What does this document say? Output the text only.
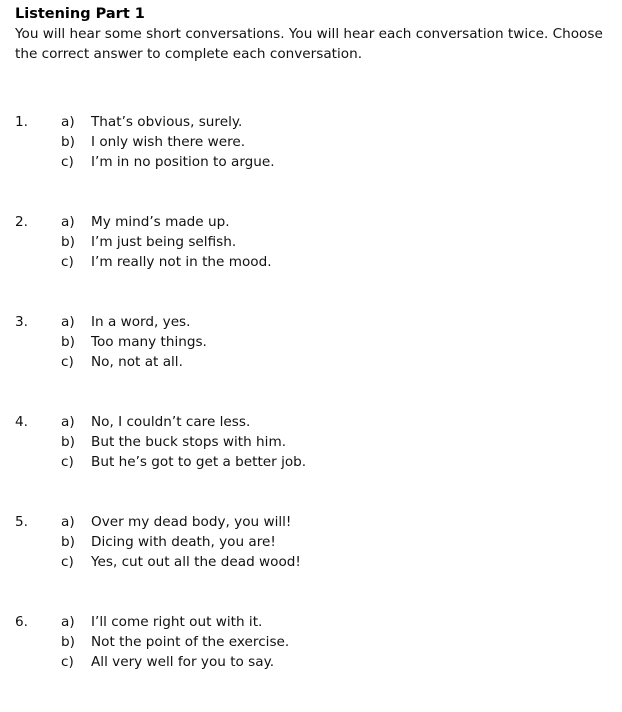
Listening Part 1

You will hear some short conversations. You will hear each conversation twice. Choose the correct answer to complete each conversation.

1. a)	That’s obvious, surely.
b)	I only wish there were.
c)	I’m in no position to argue.
2. a)	My mind’s made up.
b)	I’m just being selfish.
c)	I’m really not in the mood.
3. a)	In a word, yes.
b)	Too many things.
c)	No, not at all.
4. a)	No, I couldn’t care less.
b)	But the buck stops with him.
c)	But he’s got to get a better job.
5. a)	Over my dead body, you will!
b)	Dicing with death, you are!
c)	Yes, cut out all the dead wood!
6. a)	I’ll come right out with it.
b)	Not the point of the exercise.
c)	All very well for you to say.
